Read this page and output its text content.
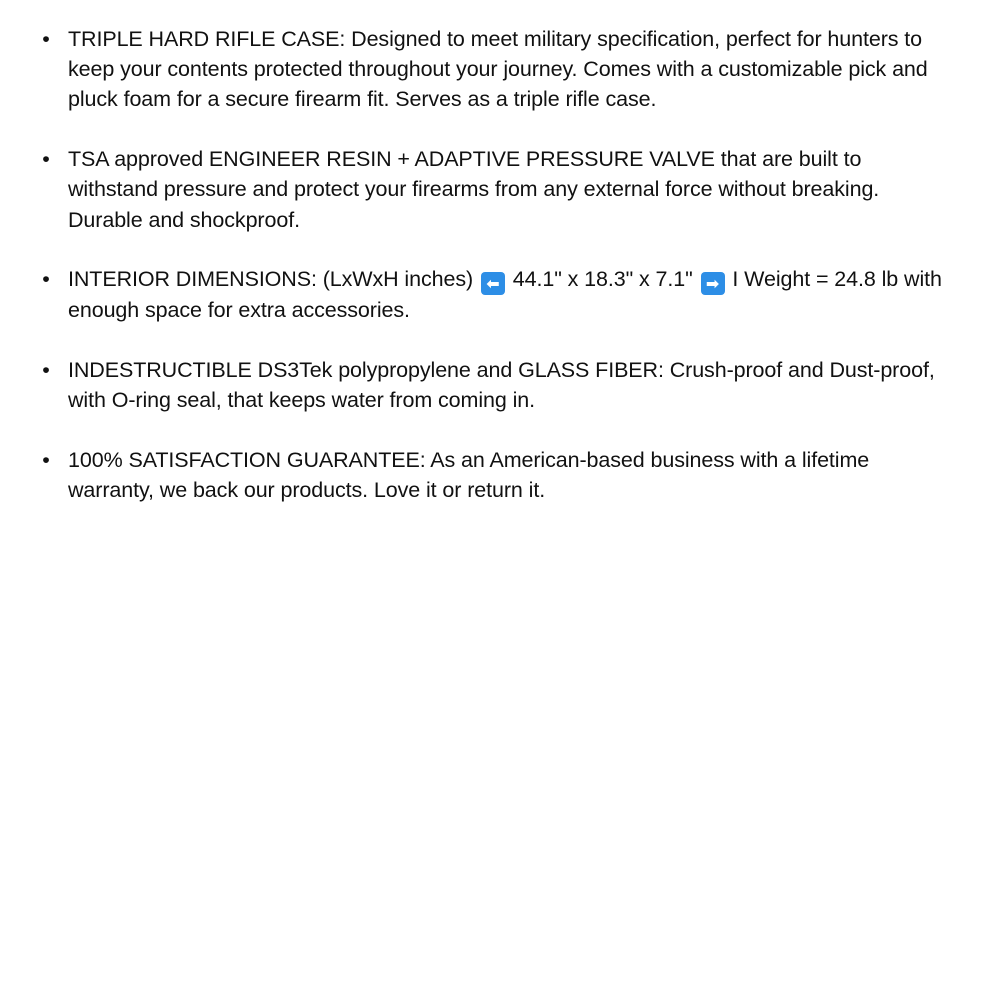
• TRIPLE HARD RIFLE CASE: Designed to meet military specification, perfect for hunters to keep your contents protected throughout your journey. Comes with a customizable pick and pluck foam for a secure firearm fit. Serves as a triple rifle case.
• TSA approved ENGINEER RESIN + ADAPTIVE PRESSURE VALVE that are built to withstand pressure and protect your firearms from any external force without breaking. Durable and shockproof.
• INTERIOR DIMENSIONS: (LxWxH inches) ⬅ 44.1" x 18.3" x 7.1" ➡ I Weight = 24.8 lb with enough space for extra accessories.
• INDESTRUCTIBLE DS3Tek polypropylene and GLASS FIBER: Crush-proof and Dust-proof, with O-ring seal, that keeps water from coming in.
• 100% SATISFACTION GUARANTEE: As an American-based business with a lifetime warranty, we back our products. Love it or return it.
